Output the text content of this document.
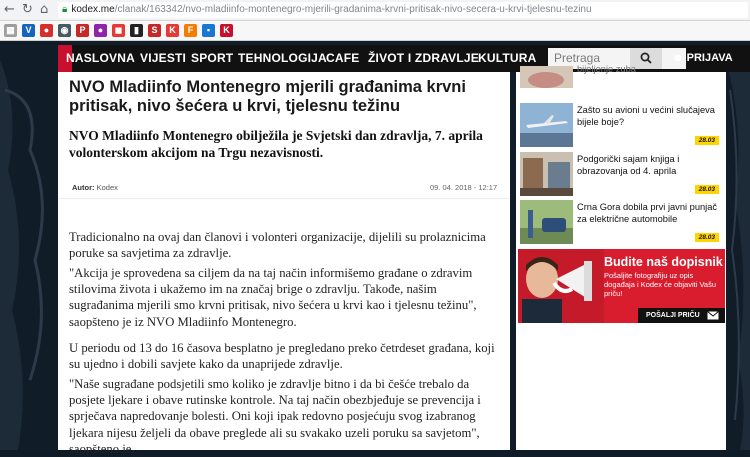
← ↻ ⌂	🔒︎ kodex.me/clanak/163342/nvo-mladiinfo-montenegro-mjerili-gradanima-krvni-pritisak-nivo-secera-u-krvi-tjelesnu-tezinu
▦	V	●	◉	P	●	◼	▮	S	K	F	▪	K
NASLOVNA VIJESTI SPORT TEHNOLOGIJA CAFE ŽIVOT I ZDRAVLJE KULTURA Pretraga	☻ PRIJAVA
NVO Mladiinfo Montenegro mjerili građanima krvni pritisak, nivo šećera u krvi, tjelesnu težinu

NVO Mladiinfo Montenegro obilježila je Svjetski dan zdravlja, 7. aprila volonterskom akcijom na Trgu nezavisnosti.

Autor: Kodex	09. 04. 2018 - 12:17

Tradicionalno na ovaj dan članovi i volonteri organizacije, dijelili su prolaznicima poruke sa savjetima za zdravlje.

"Akcija je sprovedena sa ciljem da na taj način informišemo građane o zdravim stilovima života i ukažemo im na značaj brige o zdravlju. Takođe, našim sugrađanima mjerili smo krvni pritisak, nivo šećera u krvi kao i tjelesnu težinu", saopšteno je iz NVO Mladiinfo Montenegro.

U periodu od 13 do 16 časova besplatno je pregledano preko četrdeset građana, koji su ujedno i dobili savjete kako da unaprijede zdravlje.

"Naše sugrađane podsjetili smo koliko je zdravlje bitno i da bi češće trebalo da posjete ljekare i obave rutinske kontrole. Na taj način obezbjeđuje se prevencija i sprječava napredovanje bolesti. Oni koji ipak redovno posjećuju svog izabranog ljekara nijesu željeli da obave preglede ali su svakako uzeli poruku sa savjetom", saopšteno je.

bijeljenje zuba
Zašto su avioni u većini slučajeva bijele boje?
28.03
Podgorički sajam knjiga i obrazovanja od 4. aprila
28.03
Crna Gora dobila prvi javni punjač za električne automobile
28.03
Budite naš dopisnik
Pošaljite fotografiju uz opis događaja i Kodex će objaviti Vašu priču!
POŠALJI PRIČU
